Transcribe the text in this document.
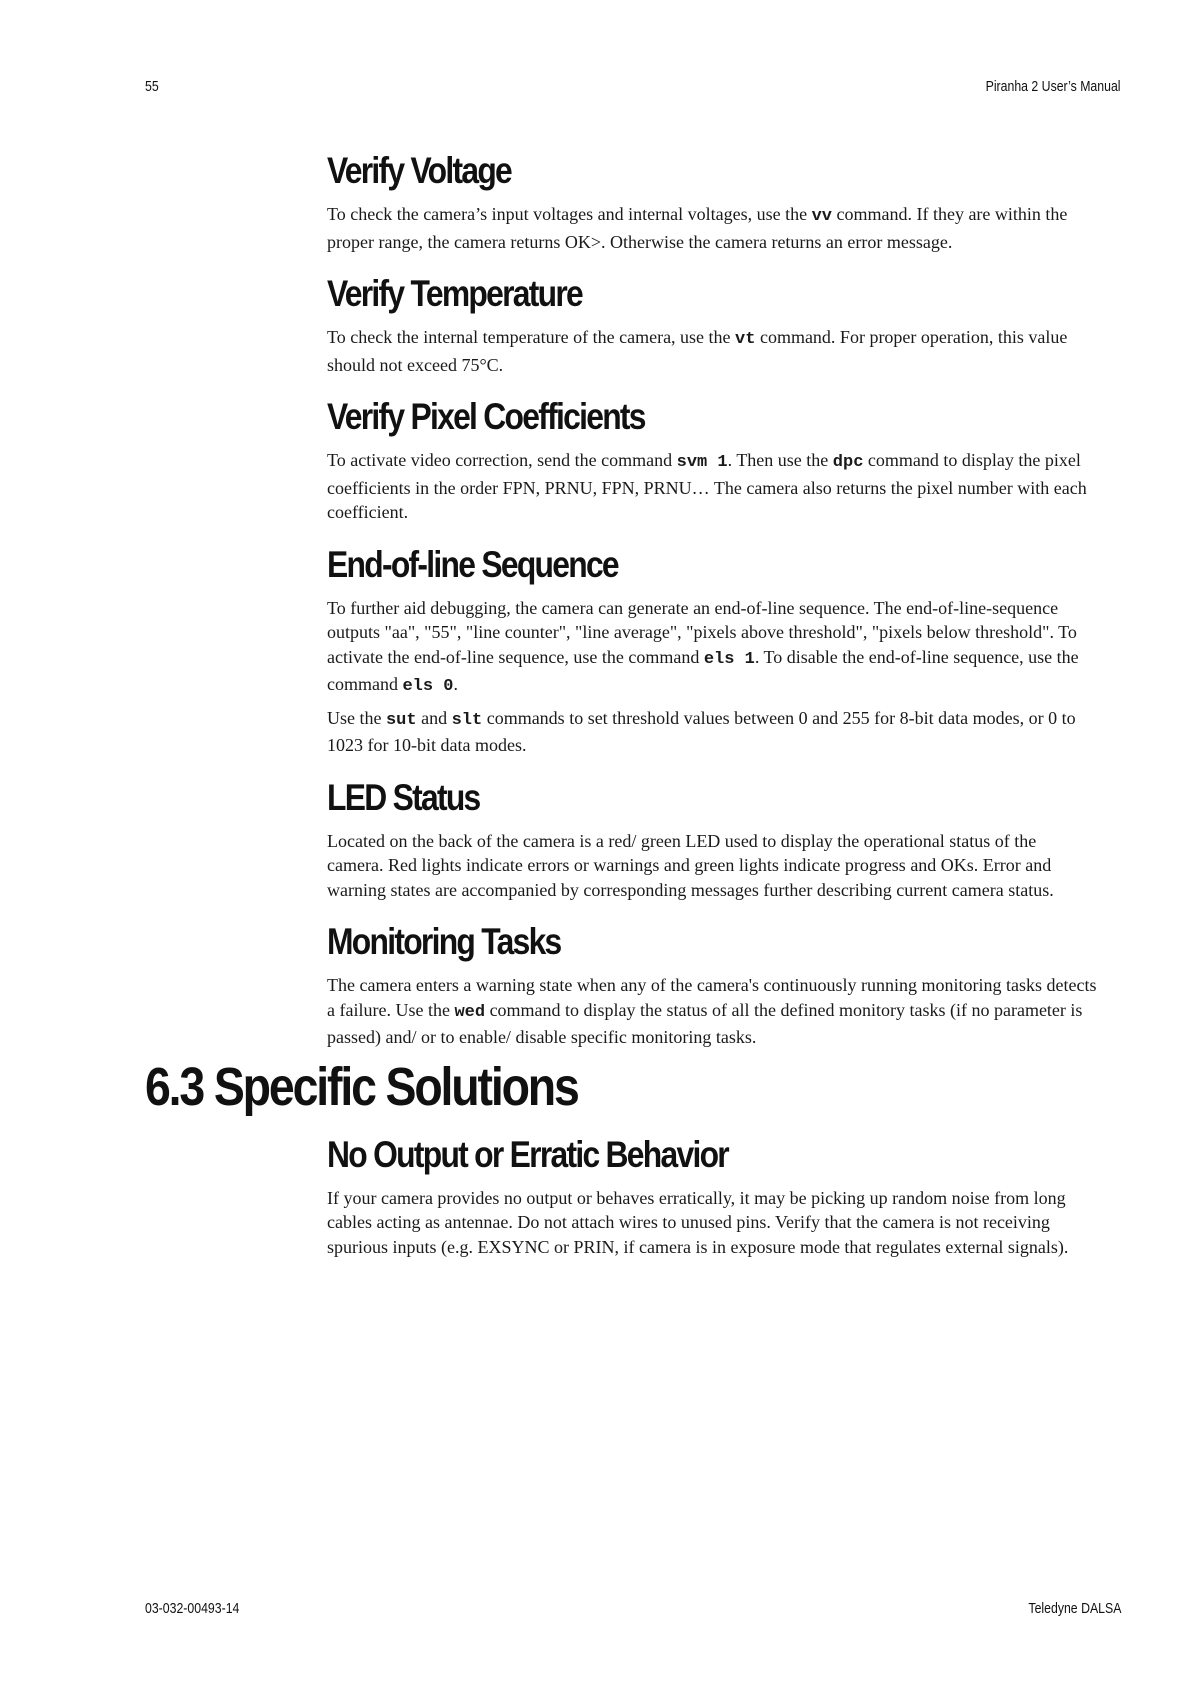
55	Piranha 2 User’s Manual
Verify Voltage

To check the camera’s input voltages and internal voltages, use the vv command. If they are within the proper range, the camera returns OK>. Otherwise the camera returns an error message.

Verify Temperature

To check the internal temperature of the camera, use the vt command. For proper operation, this value should not exceed 75°C.

Verify Pixel Coefficients

To activate video correction, send the command svm 1. Then use the dpc command to display the pixel coefficients in the order FPN, PRNU, FPN, PRNU… The camera also returns the pixel number with each coefficient.

End-of-line Sequence

To further aid debugging, the camera can generate an end-of-line sequence. The end-of-line-sequence outputs "aa", "55", "line counter", "line average", "pixels above threshold", "pixels below threshold". To activate the end-of-line sequence, use the command els 1. To disable the end-of-line sequence, use the command els 0.

Use the sut and slt commands to set threshold values between 0 and 255 for 8-bit data modes, or 0 to 1023 for 10-bit data modes.

LED Status

Located on the back of the camera is a red/ green LED used to display the operational status of the camera. Red lights indicate errors or warnings and green lights indicate progress and OKs. Error and warning states are accompanied by corresponding messages further describing current camera status.

Monitoring Tasks

The camera enters a warning state when any of the camera's continuously running monitoring tasks detects a failure. Use the wed command to display the status of all the defined monitory tasks (if no parameter is passed) and/ or to enable/ disable specific monitoring tasks.

6.3 Specific Solutions
No Output or Erratic Behavior

If your camera provides no output or behaves erratically, it may be picking up random noise from long cables acting as antennae. Do not attach wires to unused pins. Verify that the camera is not receiving spurious inputs (e.g. EXSYNC or PRIN, if camera is in exposure mode that regulates external signals).

03-032-00493-14	Teledyne DALSA
